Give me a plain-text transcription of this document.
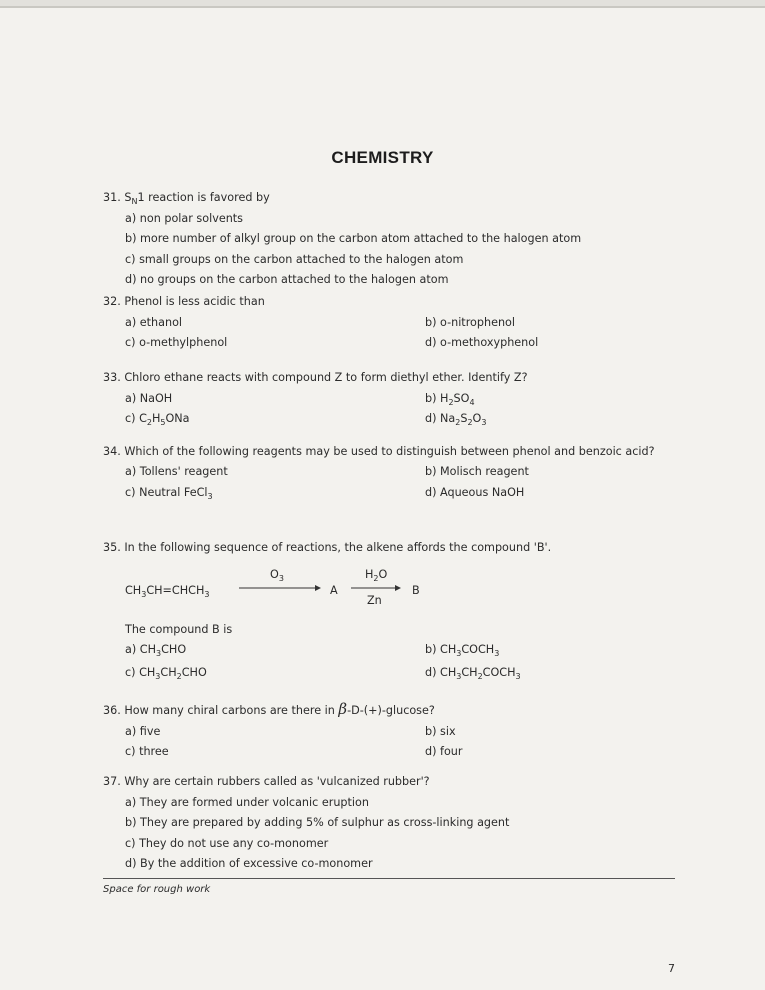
CHEMISTRY
31. $S_N1$ reaction is favored by
a) non polar solvents
b) more number of alkyl group on the carbon atom attached to the halogen atom
c) small groups on the carbon attached to the halogen atom
d) no groups on the carbon attached to the halogen atom
32. Phenol is less acidic than
a) ethanol	b) o-nitrophenol
c) o-methylphenol	d) o-methoxyphenol
33. Chloro ethane reacts with compound Z to form diethyl ether. Identify Z?
a) NaOH	b) $H_2SO_4$
c) $C_2H_5ONa$	d) $Na_2S_2O_3$
34. Which of the following reagents may be used to distinguish between phenol and benzoic acid?
a) Tollens' reagent	b) Molisch reagent
c) Neutral FeCl$_3$	d) Aqueous NaOH
35. In the following sequence of reactions, the alkene affords the compound 'B'.
$CH_3CH=CHCH_3$
$O_3$
A
$H_2O$
Zn
B
The compound B is
a) $CH_3CHO$	b) $CH_3COCH_3$
c) $CH_3CH_2CHO$	d) $CH_3CH_2COCH_3$
36. How many chiral carbons are there in β-D-(+)-glucose?
a) five	b) six
c) three	d) four
37. Why are certain rubbers called as 'vulcanized rubber'?
a) They are formed under volcanic eruption
b) They are prepared by adding 5% of sulphur as cross-linking agent
c) They do not use any co-monomer
d) By the addition of excessive co-monomer
Space for rough work
7
